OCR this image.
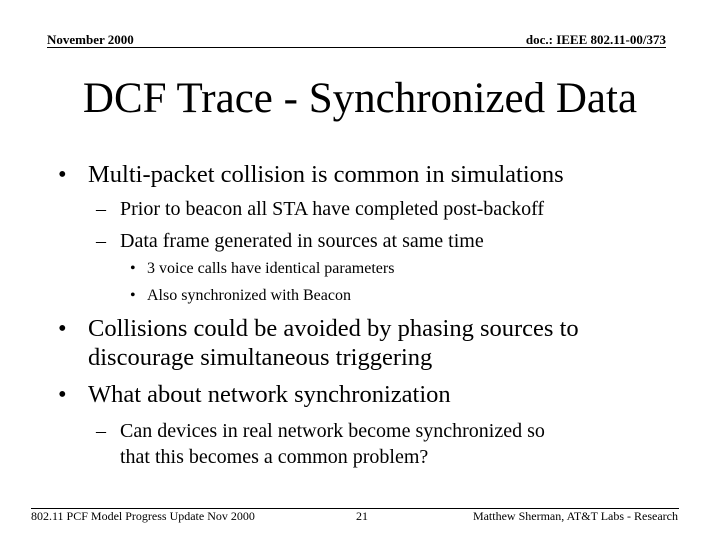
November 2000	doc.: IEEE 802.11-00/373
DCF Trace - Synchronized Data
• Multi-packet collision is common in simulations
– Prior to beacon all STA have completed post-backoff
– Data frame generated in sources at same time
• 3 voice calls have identical parameters
• Also synchronized with Beacon
• Collisions could be avoided by phasing sources to
discourage simultaneous triggering
• What about network synchronization
– Can devices in real network become synchronized so
that this becomes a common problem?
802.11 PCF Model Progress Update Nov 2000	21	Matthew Sherman, AT&T Labs - Research
